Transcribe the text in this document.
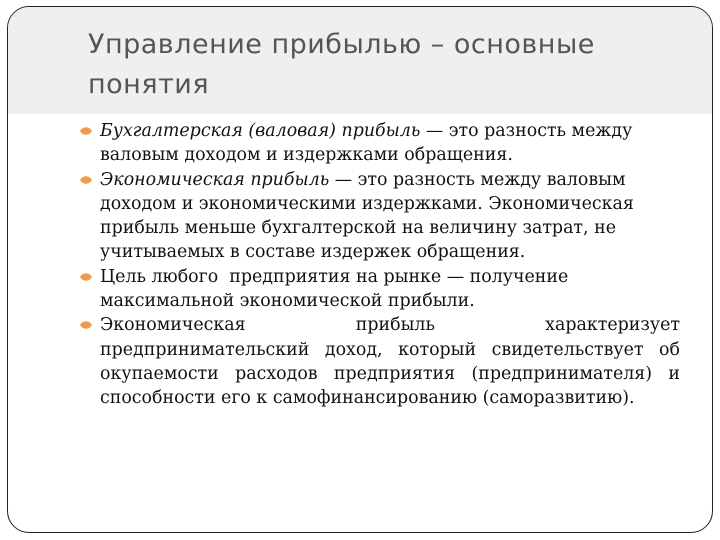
Управление прибылью – основные понятия
Бухгалтерская (валовая) прибыль — это разность между валовым доходом и издержками обращения.
Экономическая прибыль — это разность между валовым доходом и экономическими издержками. Экономическая прибыль меньше бухгалтерской на величину затрат, не учитываемых в составе издержек обращения.
Цель любого  предприятия на рынке — получение максимальной экономической прибыли.
Экономическая прибыль характеризует предпринимательский доход, который свидетельствует об окупаемости расходов предприятия (предпринимателя) и способности его к самофинансированию (саморазвитию).
